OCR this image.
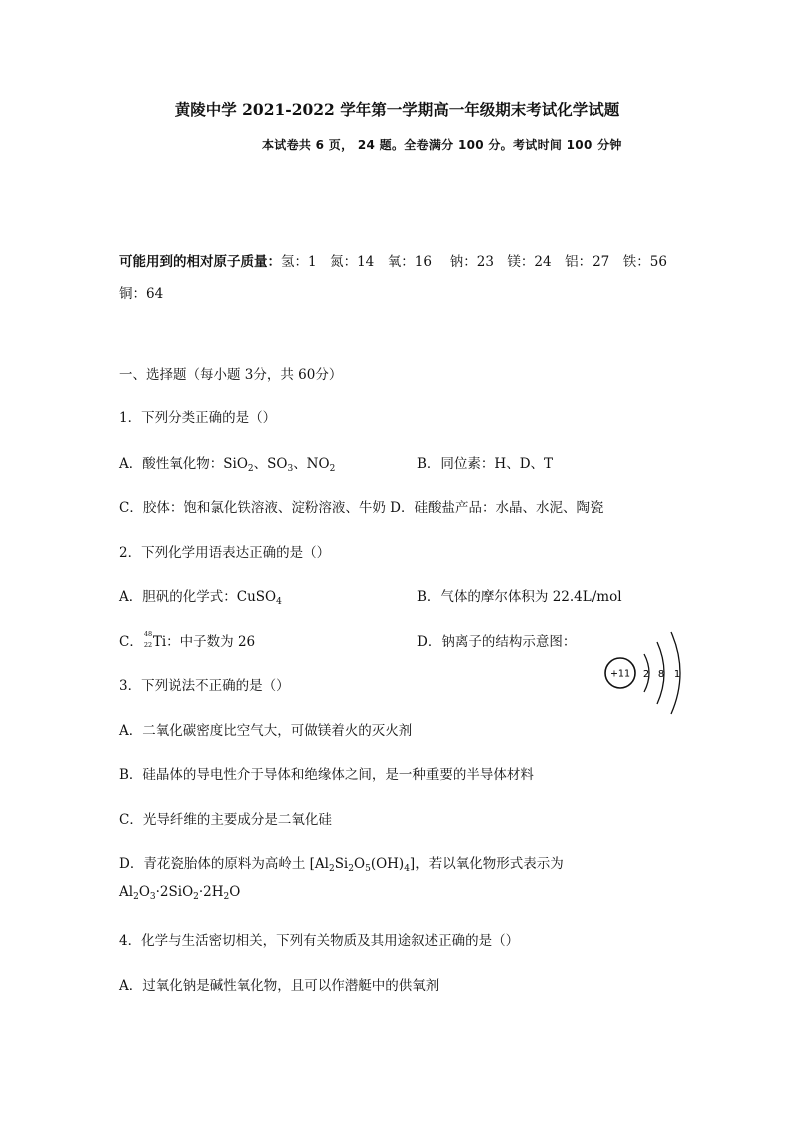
黄陵中学 2021-2022 学年第一学期高一年级期末考试化学试题
本试卷共 6 页， 24 题。全卷满分 100 分。考试时间 100 分钟
可能用到的相对原子质量：氢：1　氮：14　氧：16　 钠：23　镁：24　铝：27　铁：56
铜：64
一、选择题（每小题 3分，共 60分）
1．下列分类正确的是（）
A．酸性氧化物：SiO$_2$、$SO_3$、$NO_2$	B．同位素：H、D、T
C．胶体：饱和氯化铁溶液、淀粉溶液、牛奶 D．硅酸盐产品：水晶、水泥、陶瓷
2．下列化学用语表达正确的是（）
A．胆矾的化学式：CuSO$_4$	B．气体的摩尔体积为 22.4L/mol
C． 48
22 Ti：中子数为 26	D．钠离子的结构示意图：
+11 2 8 1
3．下列说法不正确的是（）
A．二氧化碳密度比空气大，可做镁着火的灭火剂
B．硅晶体的导电性介于导体和绝缘体之间，是一种重要的半导体材料
C．光导纤维的主要成分是二氧化硅
D．青花瓷胎体的原料为高岭土 $[Al_2Si_2O_5(OH)_4]$，若以氧化物形式表示为
$Al_2O_3\cdot 2SiO_2\cdot 2H_2O$
4．化学与生活密切相关，下列有关物质及其用途叙述正确的是（）
A．过氧化钠是碱性氧化物，且可以作潜艇中的供氧剂
